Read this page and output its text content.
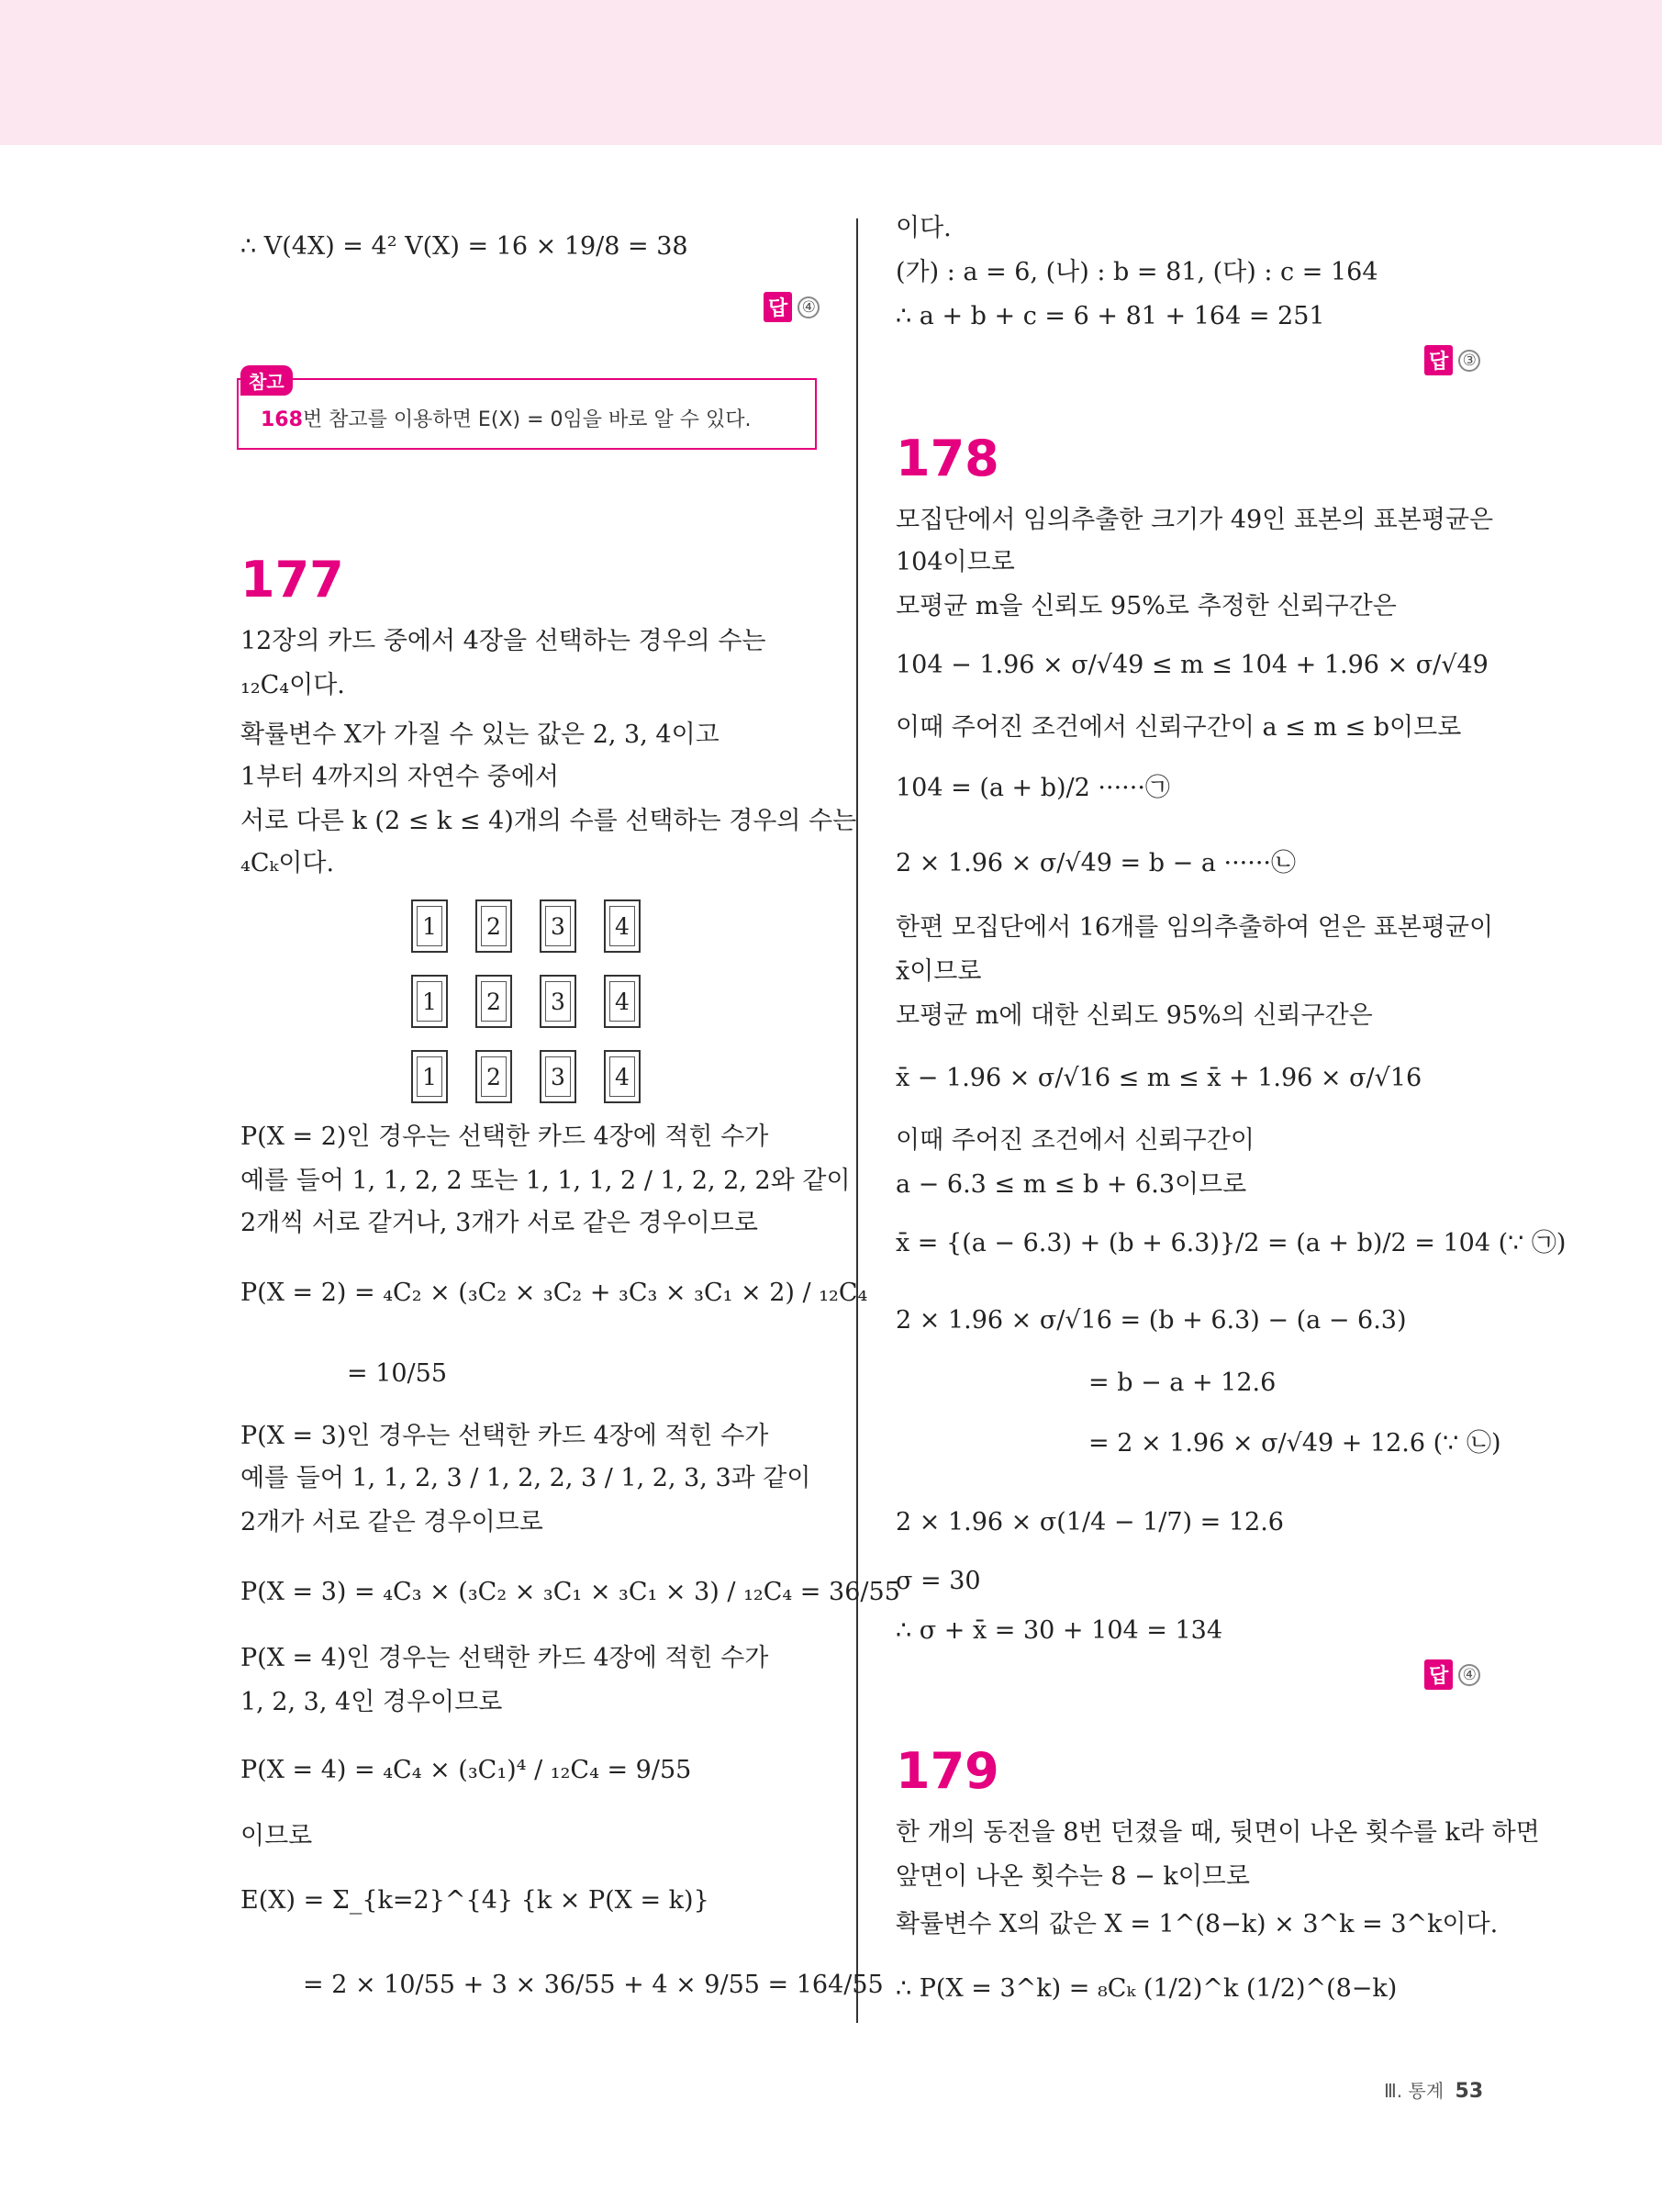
∴ V(4X) = 4² V(X) = 16 × 19/8 = 38
답 ④
참고
168번 참고를 이용하면 E(X) = 0임을 바로 알 수 있다.
177
12장의 카드 중에서 4장을 선택하는 경우의 수는
₁₂C₄이다.
확률변수 X가 가질 수 있는 값은 2, 3, 4이고
1부터 4까지의 자연수 중에서
서로 다른 k (2 ≤ k ≤ 4)개의 수를 선택하는 경우의 수는
₄Cₖ이다.
1 2 3 4
1 2 3 4
1 2 3 4
P(X = 2)인 경우는 선택한 카드 4장에 적힌 수가
예를 들어 1, 1, 2, 2 또는 1, 1, 1, 2 / 1, 2, 2, 2와 같이
2개씩 서로 같거나, 3개가 서로 같은 경우이므로
P(X = 2) = ₄C₂ × (₃C₂ × ₃C₂ + ₃C₃ × ₃C₁ × 2) / ₁₂C₄
= 10/55
P(X = 3)인 경우는 선택한 카드 4장에 적힌 수가
예를 들어 1, 1, 2, 3 / 1, 2, 2, 3 / 1, 2, 3, 3과 같이
2개가 서로 같은 경우이므로
P(X = 3) = ₄C₃ × (₃C₂ × ₃C₁ × ₃C₁ × 3) / ₁₂C₄ = 36/55
P(X = 4)인 경우는 선택한 카드 4장에 적힌 수가
1, 2, 3, 4인 경우이므로
P(X = 4) = ₄C₄ × (₃C₁)⁴ / ₁₂C₄ = 9/55
이므로
E(X) = Σ_{k=2}^{4} {k × P(X = k)}
= 2 × 10/55 + 3 × 36/55 + 4 × 9/55 = 164/55
이다.
(가) : a = 6, (나) : b = 81, (다) : c = 164
∴ a + b + c = 6 + 81 + 164 = 251
답 ③
178
모집단에서 임의추출한 크기가 49인 표본의 표본평균은
104이므로
모평균 m을 신뢰도 95%로 추정한 신뢰구간은
104 − 1.96 × σ/√49 ≤ m ≤ 104 + 1.96 × σ/√49
이때 주어진 조건에서 신뢰구간이 a ≤ m ≤ b이므로
104 = (a + b)/2 ······㉠
2 × 1.96 × σ/√49 = b − a ······㉡
한편 모집단에서 16개를 임의추출하여 얻은 표본평균이
x̄이므로
모평균 m에 대한 신뢰도 95%의 신뢰구간은
x̄ − 1.96 × σ/√16 ≤ m ≤ x̄ + 1.96 × σ/√16
이때 주어진 조건에서 신뢰구간이
a − 6.3 ≤ m ≤ b + 6.3이므로
x̄ = {(a − 6.3) + (b + 6.3)}/2 = (a + b)/2 = 104 (∵ ㉠)
2 × 1.96 × σ/√16 = (b + 6.3) − (a − 6.3)
= b − a + 12.6
= 2 × 1.96 × σ/√49 + 12.6 (∵ ㉡)
2 × 1.96 × σ(1/4 − 1/7) = 12.6
σ = 30
∴ σ + x̄ = 30 + 104 = 134
답 ④
179
한 개의 동전을 8번 던졌을 때, 뒷면이 나온 횟수를 k라 하면
앞면이 나온 횟수는 8 − k이므로
확률변수 X의 값은 X = 1^(8−k) × 3^k = 3^k이다.
∴ P(X = 3^k) = ₈Cₖ (1/2)^k (1/2)^(8−k)
Ⅲ. 통계 53
